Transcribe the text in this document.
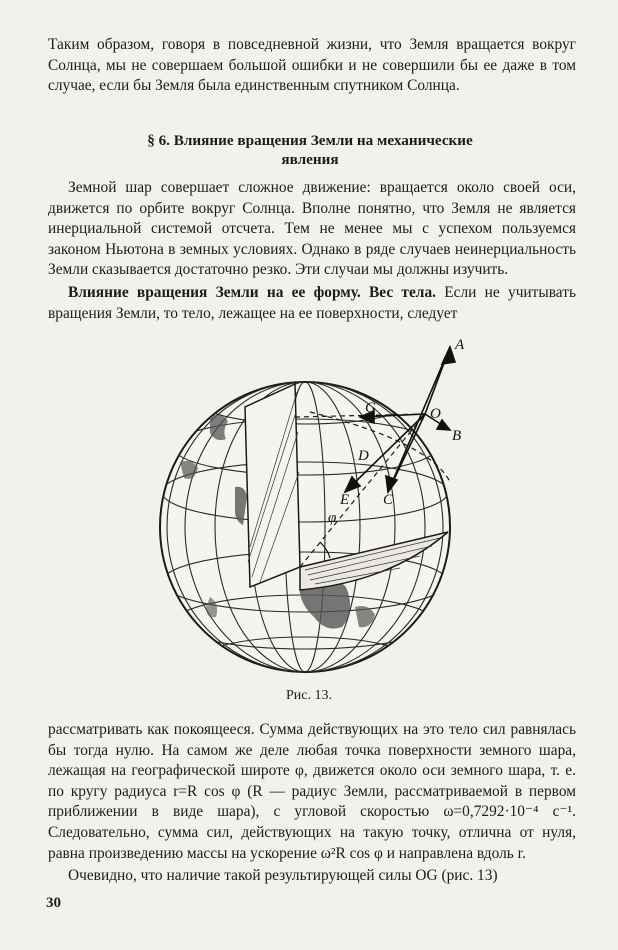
Таким образом, говоря в повседневной жизни, что Земля вращается вокруг Солнца, мы не совершаем большой ошибки и не совершили бы ее даже в том случае, если бы Земля была единственным спутником Солнца.

§ 6. Влияние вращения Земли на механические
явления

Земной шар совершает сложное движение: вращается около своей оси, движется по орбите вокруг Солнца. Вполне понятно, что Земля не является инерциальной системой отсчета. Тем не менее мы с успехом пользуемся законом Ньютона в земных условиях. Однако в ряде случаев неинерциальность Земли сказывается достаточно резко. Эти случаи мы должны изучить.

Влияние вращения Земли на ее форму. Вес тела. Если не учитывать вращения Земли, то тело, лежащее на ее поверхности, следует

A
O
G
B
D
E C
φ
Рис. 13.

рассматривать как покоящееся. Сумма действующих на это тело сил равнялась бы тогда нулю. На самом же деле любая точка поверхности земного шара, лежащая на географической широте φ, движется около оси земного шара, т. е. по кругу радиуса r=R cos φ (R — радиус Земли, рассматриваемой в первом приближении в виде шара), с угловой скоростью ω=0,7292·10⁻⁴ с⁻¹. Следовательно, сумма сил, действующих на такую точку, отлична от нуля, равна произведению массы на ускорение ω²R cos φ и направлена вдоль r.

Очевидно, что наличие такой результирующей силы OG (рис. 13)

30
